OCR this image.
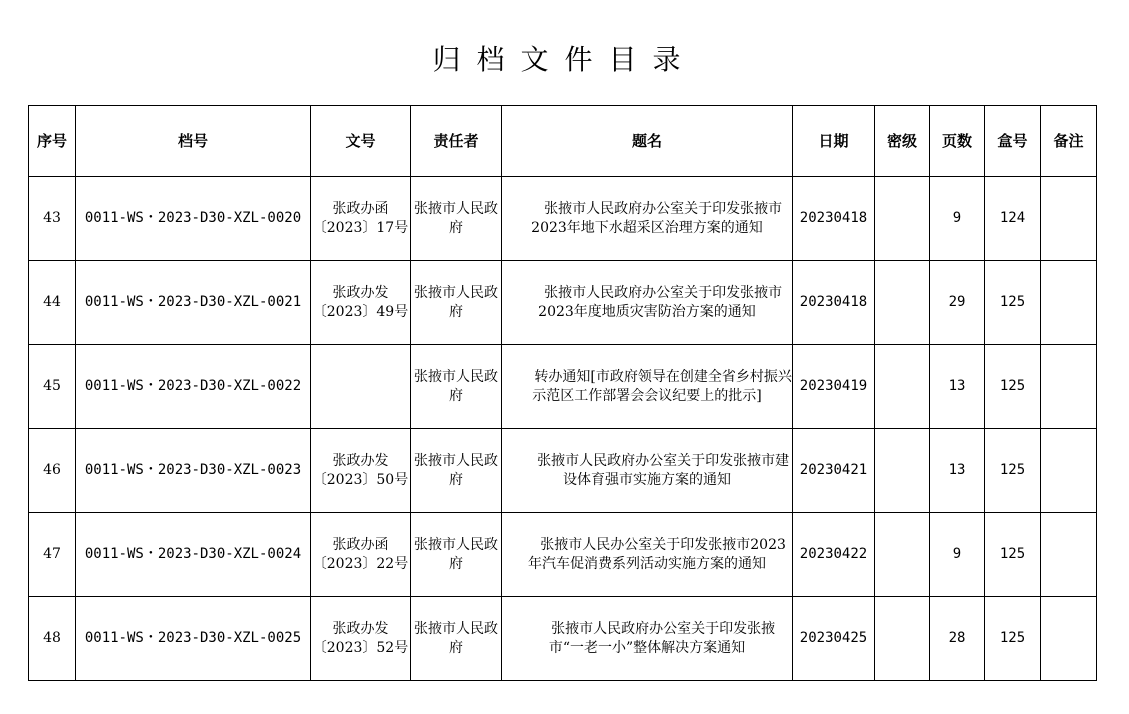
归档文件目录
序号	档号	文号	责任者	题名	日期	密级	页数	盒号	备注
43	0011-WS・2023-D30-XZL-0020	张政办函〔2023〕17号	张掖市人民政府	张掖市人民政府办公室关于印发张掖市2023年地下水超采区治理方案的通知	20230418		9	124	
44	0011-WS・2023-D30-XZL-0021	张政办发〔2023〕49号	张掖市人民政府	张掖市人民政府办公室关于印发张掖市2023年度地质灾害防治方案的通知	20230418		29	125	
45	0011-WS・2023-D30-XZL-0022		张掖市人民政府	转办通知[市政府领导在创建全省乡村振兴示范区工作部署会会议纪要上的批示]	20230419		13	125	
46	0011-WS・2023-D30-XZL-0023	张政办发〔2023〕50号	张掖市人民政府	张掖市人民政府办公室关于印发张掖市建设体育强市实施方案的通知	20230421		13	125	
47	0011-WS・2023-D30-XZL-0024	张政办函〔2023〕22号	张掖市人民政府	张掖市人民办公室关于印发张掖市2023年汽车促消费系列活动实施方案的通知	20230422		9	125	
48	0011-WS・2023-D30-XZL-0025	张政办发〔2023〕52号	张掖市人民政府	张掖市人民政府办公室关于印发张掖市“一老一小”整体解决方案通知	20230425		28	125	
